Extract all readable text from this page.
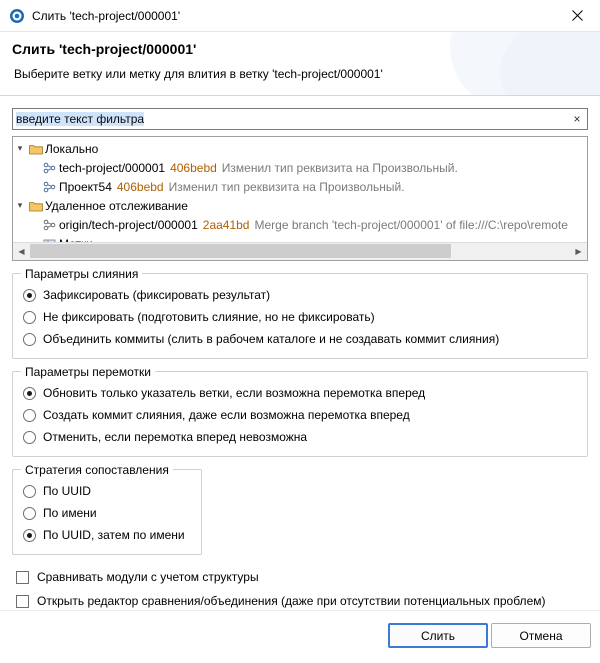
Слить 'tech-project/000001'
Слить 'tech-project/000001'
Выберите ветку или метку для влития в ветку 'tech-project/000001'
введите текст фильтра	×
▾	Локально
tech-project/000001 406bebd Изменил тип реквизита на Произвольный.
Проект54 406bebd Изменил тип реквизита на Произвольный.
▾	Удаленное отслеживание
origin/tech-project/000001 2aa41bd Merge branch 'tech-project/000001' of file:///C:\repo\remote
◀	▶
Параметры слияния
Зафиксировать (фиксировать результат)
Не фиксировать (подготовить слияние, но не фиксировать)
Объединить коммиты (слить в рабочем каталоге и не создавать коммит слияния)
Параметры перемотки
Обновить только указатель ветки, если возможна перемотка вперед
Создать коммит слияния, даже если возможна перемотка вперед
Отменить, если перемотка вперед невозможна
Стратегия сопоставления
По UUID
По имени
По UUID, затем по имени
Сравнивать модули с учетом структуры
Открыть редактор сравнения/объединения (даже при отсутствии потенциальных проблем)
Слить	Отмена
